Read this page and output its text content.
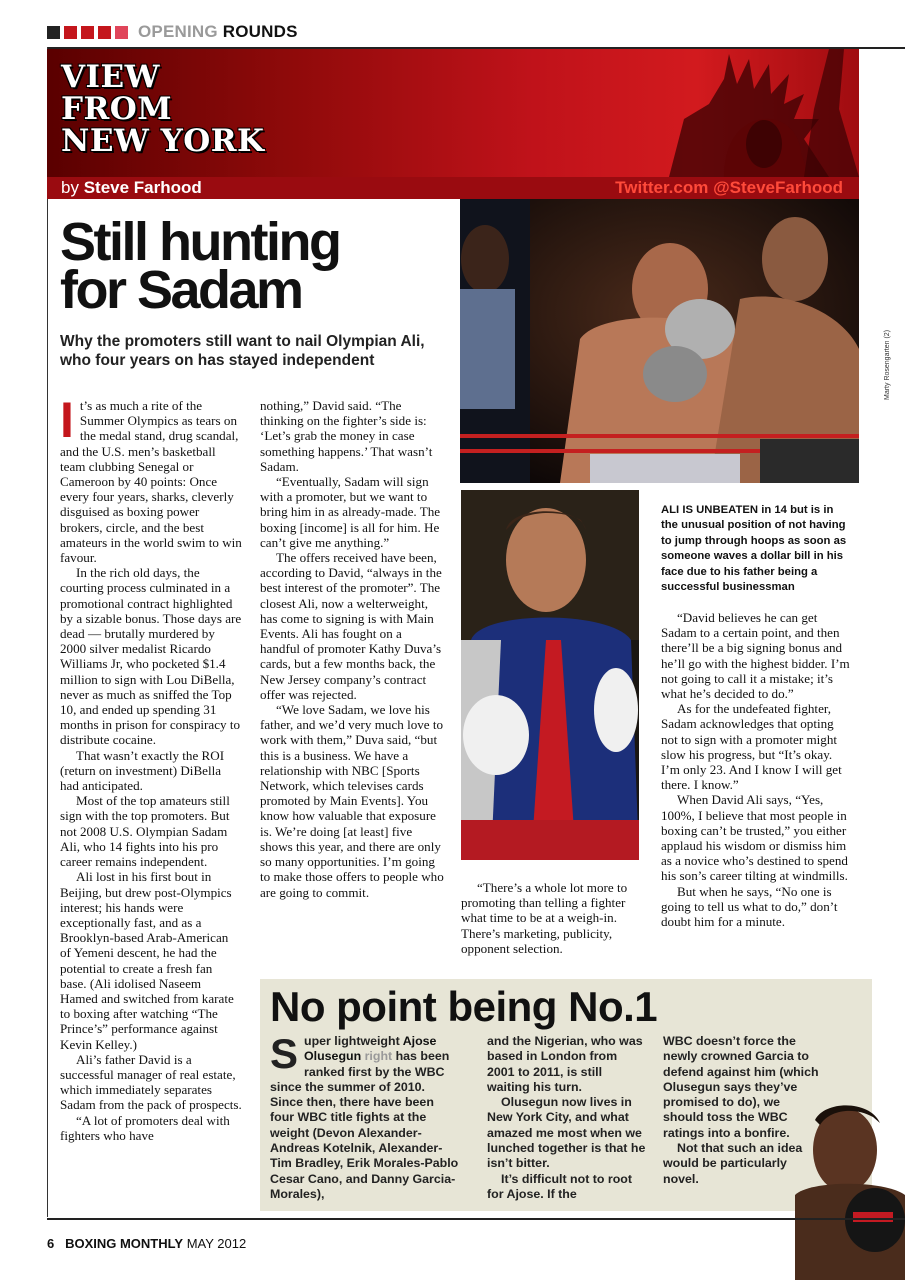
OPENING ROUNDS
VIEW
FROM
NEW YORK
by Steve Farhood	Twitter.com @SteveFarhood
Still hunting
for Sadam
Why the promoters still want to nail Olympian Ali, who four years on has stayed independent

It’s as much a rite of the Summer Olympics as tears on the medal stand, drug scandal, and the U.S. men’s basketball team clubbing Senegal or Cameroon by 40 points: Once every four years, sharks, cleverly disguised as boxing power brokers, circle, and the best amateurs in the world swim to win favour.

In the rich old days, the courting process culminated in a promotional contract highlighted by a sizable bonus. Those days are dead — brutally murdered by 2000 silver medalist Ricardo Williams Jr, who pocketed $1.4 million to sign with Lou DiBella, never as much as sniffed the Top 10, and ended up spending 31 months in prison for conspiracy to distribute cocaine.

That wasn’t exactly the ROI (return on investment) DiBella had anticipated.

Most of the top amateurs still sign with the top promoters. But not 2008 U.S. Olympian Sadam Ali, who 14 fights into his pro career remains independent.

Ali lost in his first bout in Beijing, but drew post-Olympics interest; his hands were exceptionally fast, and as a Brooklyn-based Arab-American of Yemeni descent, he had the potential to create a fresh fan base. (Ali idolised Naseem Hamed and switched from karate to boxing after watching “The Prince’s” performance against Kevin Kelley.)

Ali’s father David is a successful manager of real estate, which immediately separates Sadam from the pack of prospects.

“A lot of promoters deal with fighters who have

nothing,” David said. “The thinking on the fighter’s side is: ‘Let’s grab the money in case something happens.’ That wasn’t Sadam.

“Eventually, Sadam will sign with a promoter, but we want to bring him in as already-made. The boxing [income] is all for him. He can’t give me anything.”

The offers received have been, according to David, “always in the best interest of the promoter”. The closest Ali, now a welterweight, has come to signing is with Main Events. Ali has fought on a handful of promoter Kathy Duva’s cards, but a few months back, the New Jersey company’s contract offer was rejected.

“We love Sadam, we love his father, and we’d very much love to work with them,” Duva said, “but this is a business. We have a relationship with NBC [Sports Network, which televises cards promoted by Main Events]. You know how valuable that exposure is. We’re doing [at least] five shows this year, and there are only so many opportunities. I’m going to make those offers to people who are going to commit.

Marty Rosengarten (2)
ALI IS UNBEATEN in 14 but is in the unusual position of not having to jump through hoops as soon as someone waves a dollar bill in his face due to his father being a successful businessman

“There’s a whole lot more to promoting than telling a fighter what time to be at a weigh-in. There’s marketing, publicity, opponent selection.

“David believes he can get Sadam to a certain point, and then there’ll be a big signing bonus and he’ll go with the highest bidder. I’m not going to call it a mistake; it’s what he’s decided to do.”

As for the undefeated fighter, Sadam acknowledges that opting not to sign with a promoter might slow his progress, but “It’s okay. I’m only 23. And I know I will get there. I know.”

When David Ali says, “Yes, 100%, I believe that most people in boxing can’t be trusted,” you either applaud his wisdom or dismiss him as a novice who’s destined to spend his son’s career tilting at windmills.

But when he says, “No one is going to tell us what to do,” don’t doubt him for a minute.

No point being No.1

Super lightweight Ajose Olusegun right has been ranked first by the WBC since the summer of 2010. Since then, there have been four WBC title fights at the weight (Devon Alexander-Andreas Kotelnik, Alexander-Tim Bradley, Erik Morales-Pablo Cesar Cano, and Danny Garcia-Morales),

and the Nigerian, who was based in London from 2001 to 2011, is still waiting his turn.

Olusegun now lives in New York City, and what amazed me most when we lunched together is that he isn’t bitter.

It’s difficult not to root for Ajose. If the

WBC doesn’t force the newly crowned Garcia to defend against him (which Olusegun says they’ve promised to do), we should toss the WBC ratings into a bonfire.

Not that such an idea would be particularly novel.

6 BOXING MONTHLY MAY 2012
